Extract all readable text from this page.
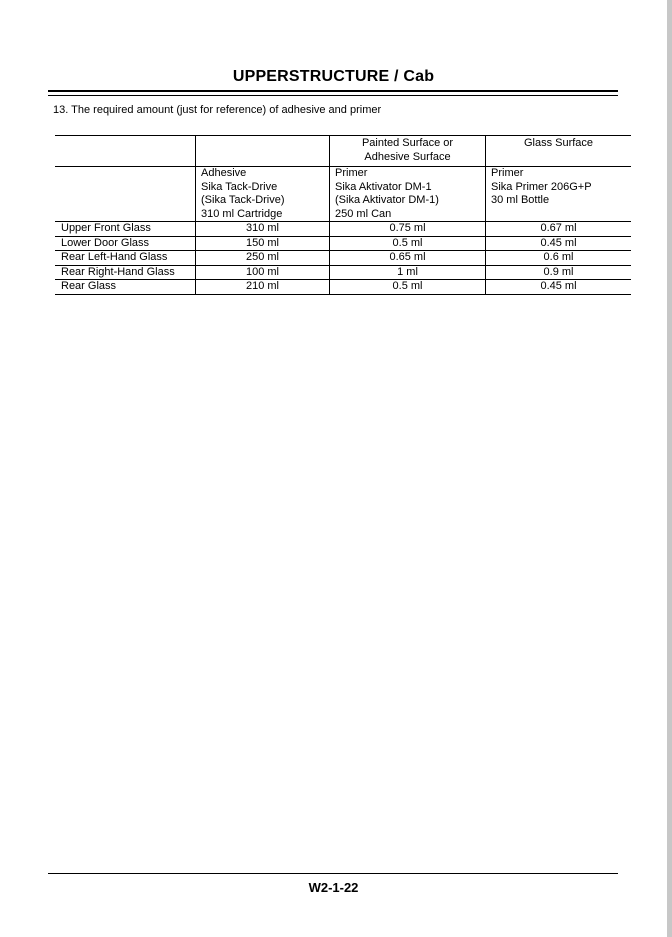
UPPERSTRUCTURE / Cab
13. The required amount (just for reference) of adhesive and primer

		Painted Surface or
Adhesive Surface	Glass Surface

	Adhesive
Sika Tack-Drive
(Sika Tack-Drive)
310 ml Cartridge	Primer
Sika Aktivator DM-1
(Sika Aktivator DM-1)
250 ml Can	Primer
Sika Primer 206G+P
30 ml Bottle

Upper Front Glass	310 ml	0.75 ml	0.67 ml
Lower Door Glass	150 ml	0.5 ml	0.45 ml
Rear Left-Hand Glass	250 ml	0.65 ml	0.6 ml
Rear Right-Hand Glass	100 ml	1 ml	0.9 ml
Rear Glass	210 ml	0.5 ml	0.45 ml
W2-1-22
